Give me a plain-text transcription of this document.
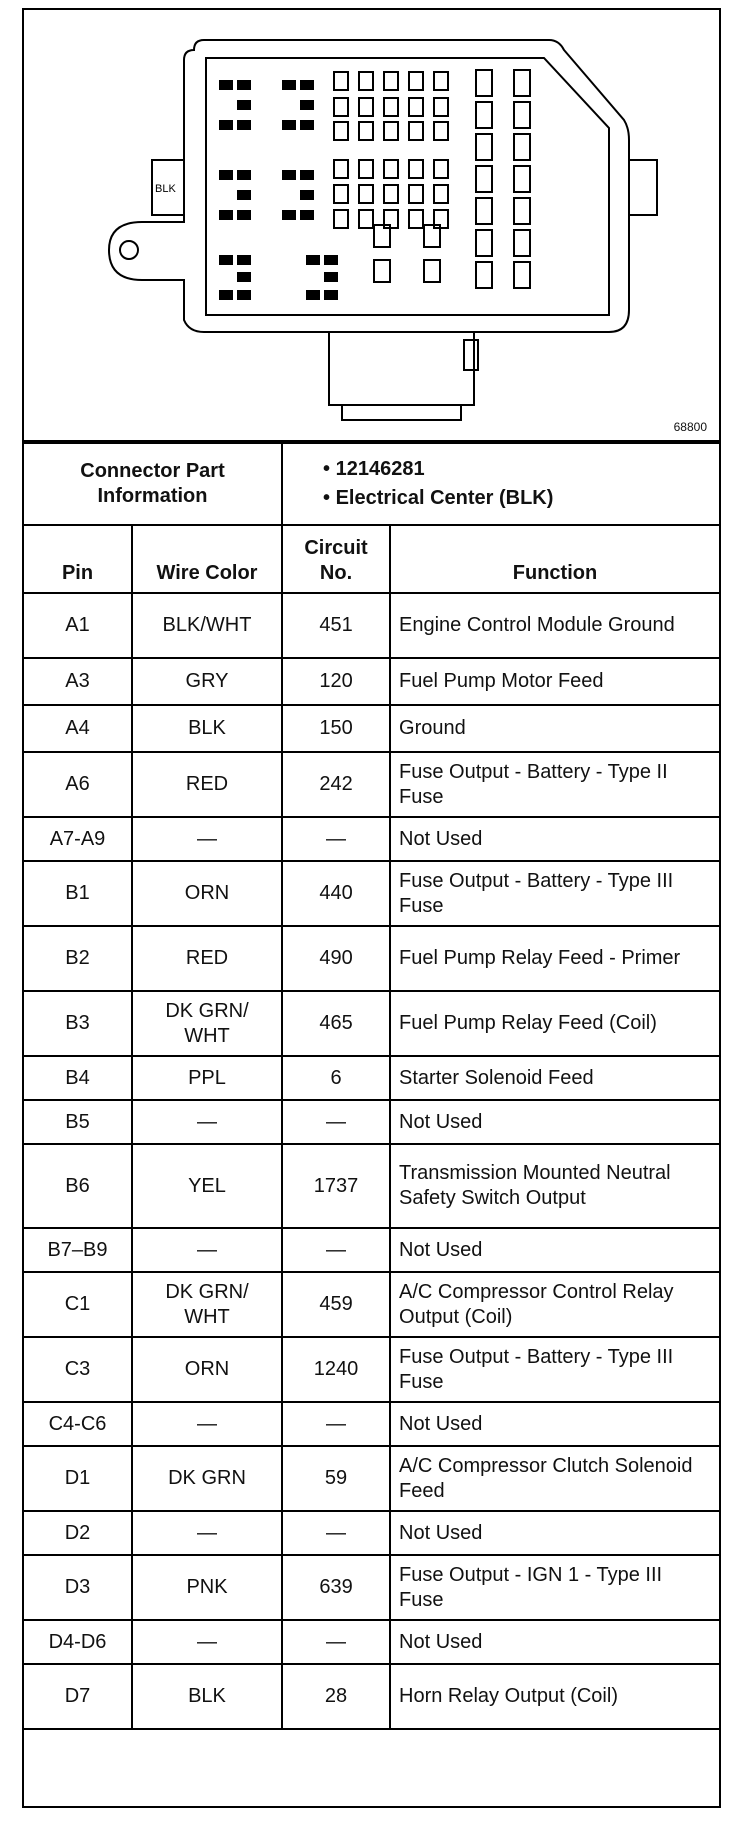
BLK
68800
Connector Part Information		• 12146281
• Electrical Center (BLK)

Pin	Wire Color	Circuit No.	Function
A1	BLK/WHT	451	Engine Control Module Ground
A3	GRY	120	Fuel Pump Motor Feed
A4	BLK	150	Ground
A6	RED	242	Fuse Output - Battery - Type II Fuse
A7-A9	—	—	Not Used
B1	ORN	440	Fuse Output - Battery - Type III Fuse
B2	RED	490	Fuel Pump Relay Feed - Primer
B3	DK GRN/ WHT	465	Fuel Pump Relay Feed (Coil)
B4	PPL	6	Starter Solenoid Feed
B5	—	—	Not Used
B6	YEL	1737	Transmission Mounted Neutral Safety Switch Output
B7–B9	—	—	Not Used
C1	DK GRN/ WHT	459	A/C Compressor Control Relay Output (Coil)
C3	ORN	1240	Fuse Output - Battery - Type III Fuse
C4-C6	—	—	Not Used
D1	DK GRN	59	A/C Compressor Clutch Solenoid Feed
D2	—	—	Not Used
D3	PNK	639	Fuse Output - IGN 1 - Type III Fuse
D4-D6	—	—	Not Used
D7	BLK	28	Horn Relay Output (Coil)
